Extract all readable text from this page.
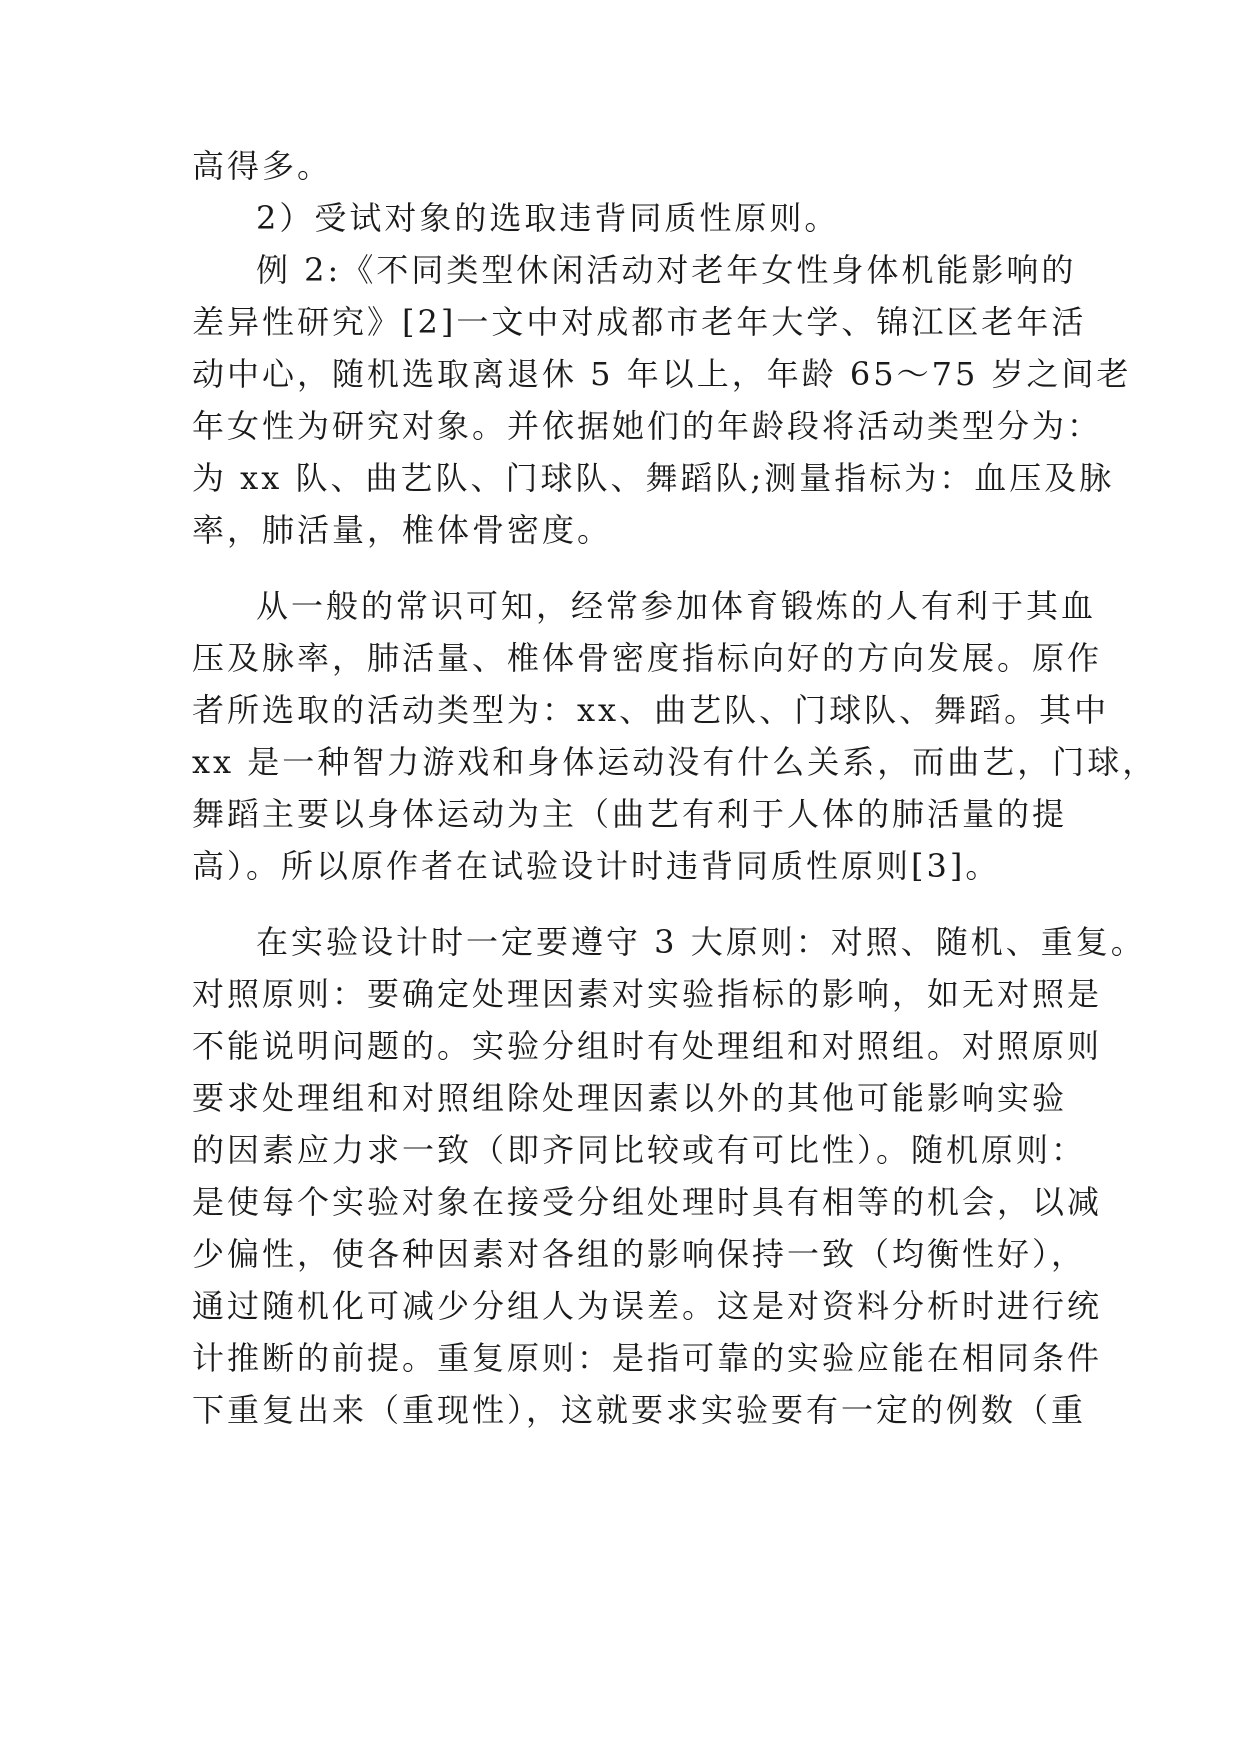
高得多。
2）受试对象的选取违背同质性原则。
例 2:《不同类型休闲活动对老年女性身体机能影响的
差异性研究》[2]一文中对成都市老年大学、锦江区老年活
动中心，随机选取离退休 5 年以上，年龄 65～75 岁之间老
年女性为研究对象。并依据她们的年龄段将活动类型分为：
为 xx 队、曲艺队、门球队、舞蹈队;测量指标为：血压及脉
率，肺活量，椎体骨密度。
从一般的常识可知，经常参加体育锻炼的人有利于其血
压及脉率，肺活量、椎体骨密度指标向好的方向发展。原作
者所选取的活动类型为：xx、曲艺队、门球队、舞蹈。其中
xx 是一种智力游戏和身体运动没有什么关系，而曲艺，门球，
舞蹈主要以身体运动为主（曲艺有利于人体的肺活量的提
高）。所以原作者在试验设计时违背同质性原则[3]。
在实验设计时一定要遵守 3 大原则：对照、随机、重复。
对照原则：要确定处理因素对实验指标的影响，如无对照是
不能说明问题的。实验分组时有处理组和对照组。对照原则
要求处理组和对照组除处理因素以外的其他可能影响实验
的因素应力求一致（即齐同比较或有可比性）。随机原则：
是使每个实验对象在接受分组处理时具有相等的机会，以减
少偏性，使各种因素对各组的影响保持一致（均衡性好），
通过随机化可减少分组人为误差。这是对资料分析时进行统
计推断的前提。重复原则：是指可靠的实验应能在相同条件
下重复出来（重现性），这就要求实验要有一定的例数（重
